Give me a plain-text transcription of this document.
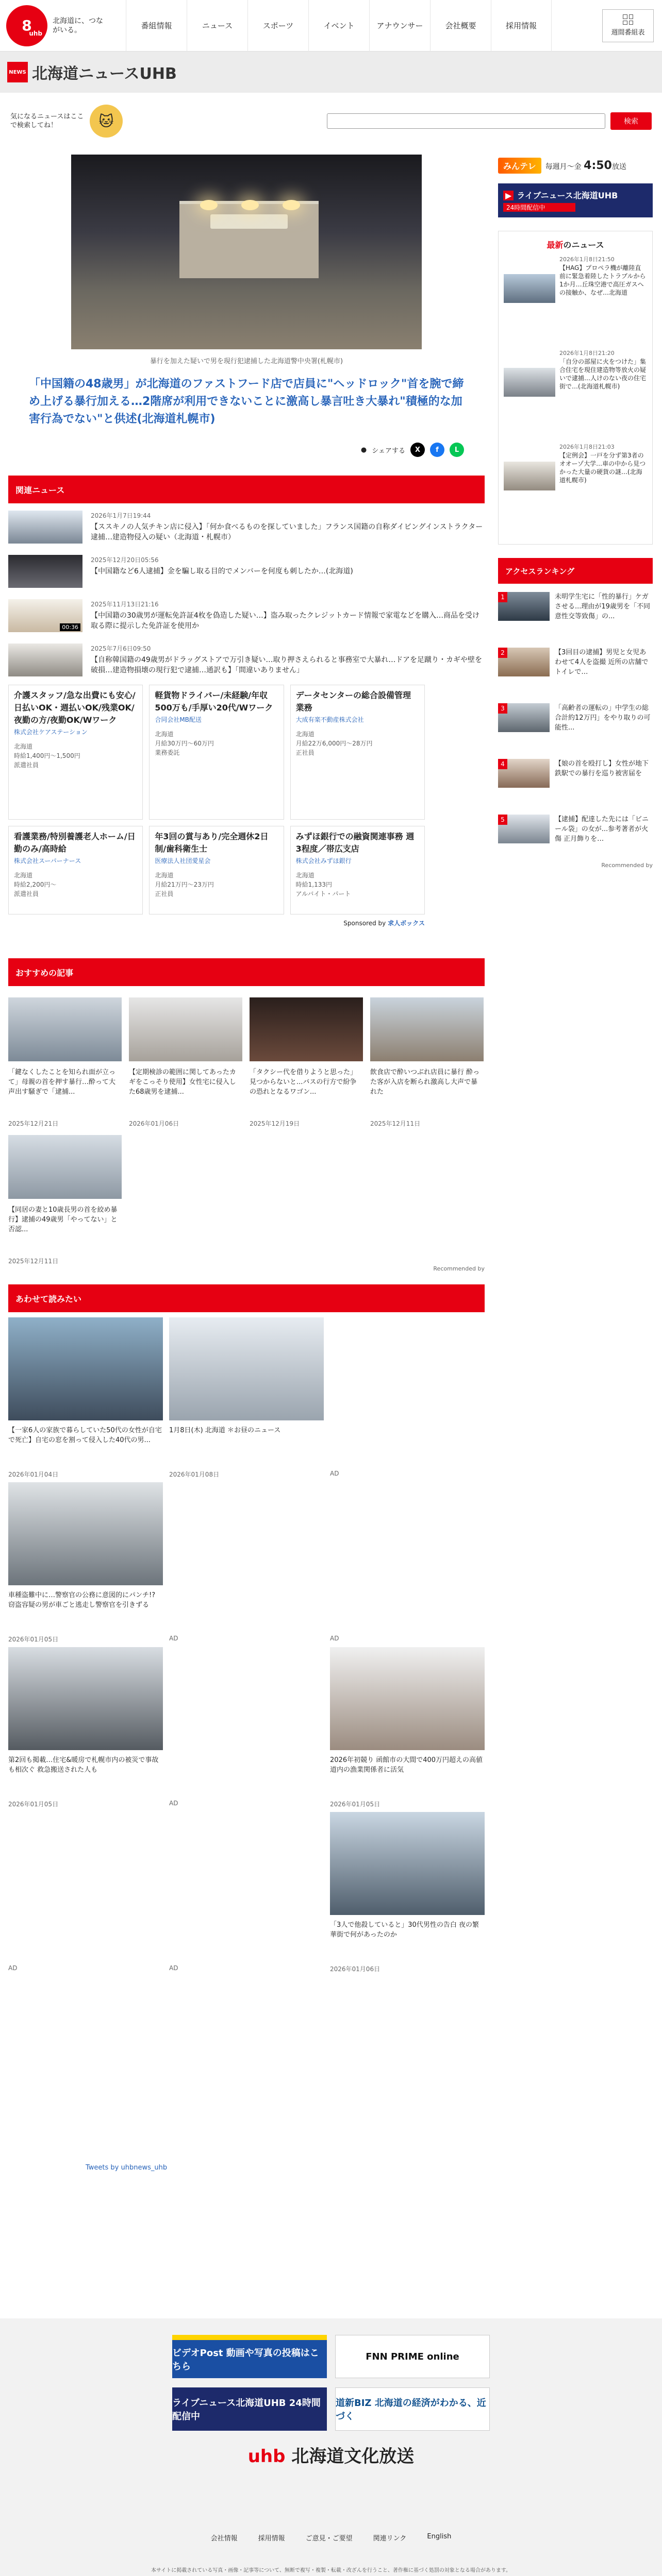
8
uhb
北海道に、つながいる。	番組情報	ニュース	スポーツ	イベント	アナウンサー	会社概要	採用情報
週間番組表
NEWS 北海道ニュースUHB
気になるニュースはここで検索してね！	🐱	検索
暴行を加えた疑いで男を現行犯逮捕した北海道警中央署(札幌市)
「中国籍の48歳男」が北海道のファストフード店で店員に"ヘッドロック"首を腕で締め上げる暴行加える…2階席が利用できないことに激高し暴言吐き大暴れ"積極的な加害行為でない"と供述(北海道札幌市)
● シェアする	X	f	L
関連ニュース
2026年1月7日19:44
【ススキノの人気チキン店に侵入】「何か食べるものを探していました」フランス国籍の自称ダイビングインストラクター逮捕…建造物侵入の疑い（北海道・札幌市）
2025年12月20日05:56
【中国籍など6人逮捕】金を騙し取る目的でメンバーを何度も刺したか…(北海道)
00:36
2025年11月13日21:16
【中国籍の30歳男が運転免許証4枚を偽造した疑い…】盗み取ったクレジットカード情報で家電などを購入…商品を受け取る際に提示した免許証を使用か
2025年7月6日09:50
【自称韓国籍の49歳男がドラッグストアで万引き疑い…取り押さえられると事務室で大暴れ…ドアを足蹴り・カギや壁を破損…建造物損壊の現行犯で逮捕…通訳も】「間違いありません」
介護スタッフ/急な出費にも安心/日払いOK・週払いOK/残業OK/夜勤の方/夜勤OK/Wワーク
株式会社ケアステーション
北海道
時給1,400円～1,500円
派遣社員
軽貨物ドライバー/未経験/年収500万も/手厚い20代/Wワーク
合同会社MB配送
北海道
月給30万円～60万円
業務委託
データセンターの総合設備管理業務
大成有楽不動産株式会社
北海道
月給22万6,000円～28万円
正社員
看護業務/特別養護老人ホーム/日勤のみ/高時給
株式会社スーパーナース
北海道
時給2,200円～
派遣社員
年3回の賞与あり/完全週休2日制/歯科衛生士
医療法人社団愛星会
北海道
月給21万円～23万円
正社員
みずほ銀行での融資関連事務 週3程度／帯広支店
株式会社みずほ銀行
北海道
時給1,133円
アルバイト・パート
Sponsored by 求人ボックス
おすすめの記事
「鍵なくしたことを知られ面が立って」母親の首を押す暴行…酔って大声出す騒ぎで「逮捕...
2025年12月21日
【定期検診の範囲に関してあったカギをこっそり使用】女性宅に侵入した68歳男を逮捕...
2026年01月06日
「タクシー代を借りようと思った」見つからないと...バスの行方で紛争の恐れとなるワゴン...
2025年12月19日
飲食店で酔いつぶれ店員に暴行 酔った客が入店を断られ激高し大声で暴れた
2025年12月11日
【同居の妻と10歳長男の首を絞め暴行】逮捕の49歳男「やってない」と否認...
2025年12月11日
Recommended by
あわせて読みたい
【一家6人の家族で暮らしていた50代の女性が自宅で死亡】自宅の窓を割って侵入した40代の男...
2026年01月04日
1月8日(木) 北海道 ＊お昼のニュース
2026年01月08日	AD
車種盗難中に…警察官の公務に意図的にパンチ!? 窃盗容疑の男が車ごと逃走し警察官を引きずる
2026年01月05日	AD	AD
第2回も掲載…住宅&暖房で札幌市内の被災で事故も相次ぐ 救急搬送された人も
2026年01月05日	AD
2026年初競り 函館市の大間で400万円超えの高値 道内の漁業関係者に活気
2026年01月05日
AD	AD
「3人で他殺していると」30代男性の告白 夜の繁華街で何があったのか
2026年01月06日
みんテレ	毎週月～金 4:50放送
▶ ライブニュース北海道UHB
24時間配信中
最新のニュース
2026年1月8日21:50
【HAG】プロペラ機が離陸直前に緊急着陸したトラブルから1か月…丘珠空港で高圧ガスへの接触か、なぜ…北海道
2026年1月8日21:20
「自分の部屋に火をつけた」集合住宅を現住建造物等放火の疑いで逮捕…人けのない夜の住宅街で…(北海道札幌市)
2026年1月8日21:03
【定例会】一戸を分ず第3者のオオーゾ大学…車の中から見つかった大量の硬貨の謎…(北海道札幌市)
アクセスランキング
1	未明学生宅に「性的暴行」ケガさせる...理由が19歳男を「不同意性交等致傷」の...
2	【3回目の逮捕】男児と女児あわせて4人を盗撮 近所の店舗でトイレで…
3	「高齢者の運転の」中学生の総合計約12万円」をやり取りの可能性...
4	【娘の首を殴打し】女性が地下鉄駅での暴行を巡り被害届を
5	【逮捕】配達した先には「ビニール袋」の女が...参考著者が火傷 正月飾りを…
Recommended by
Tweets by uhbnews_uhb
ビデオPost 動画や写真の投稿はこちら
FNN PRIME online
ライブニュース北海道UHB 24時間配信中
道新BIZ 北海道の経済がわかる、近づく
uhb 北海道文化放送
会社情報	採用情報	ご意見・ご要望	関連リンク	English
本サイトに掲載されている写真・画像・記事等について、無断で複写・複製・転載・改ざんを行うこと、著作権に基づく処罰の対象となる場合があります。
